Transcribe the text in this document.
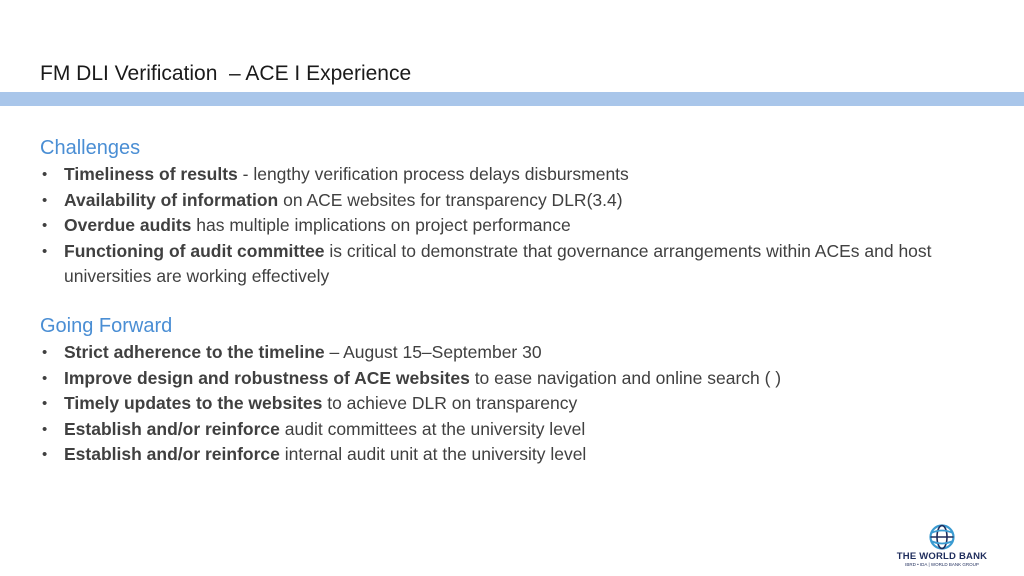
FM DLI Verification  – ACE I Experience
Challenges
• Timeliness of results - lengthy verification process delays disbursments
• Availability of information on ACE websites for transparency DLR(3.4)
• Overdue audits has multiple implications on project performance
• Functioning of audit committee is critical to demonstrate that governance arrangements within ACEs and host universities are working effectively
Going Forward
• Strict adherence to the timeline – August 15–September 30
• Improve design and robustness of ACE websites to ease navigation and online search ( )
• Timely updates to the websites to achieve DLR on transparency
• Establish and/or reinforce audit committees at the university level
• Establish and/or reinforce internal audit unit at the university level
THE WORLD BANK
IBRD • IDA | WORLD BANK GROUP
